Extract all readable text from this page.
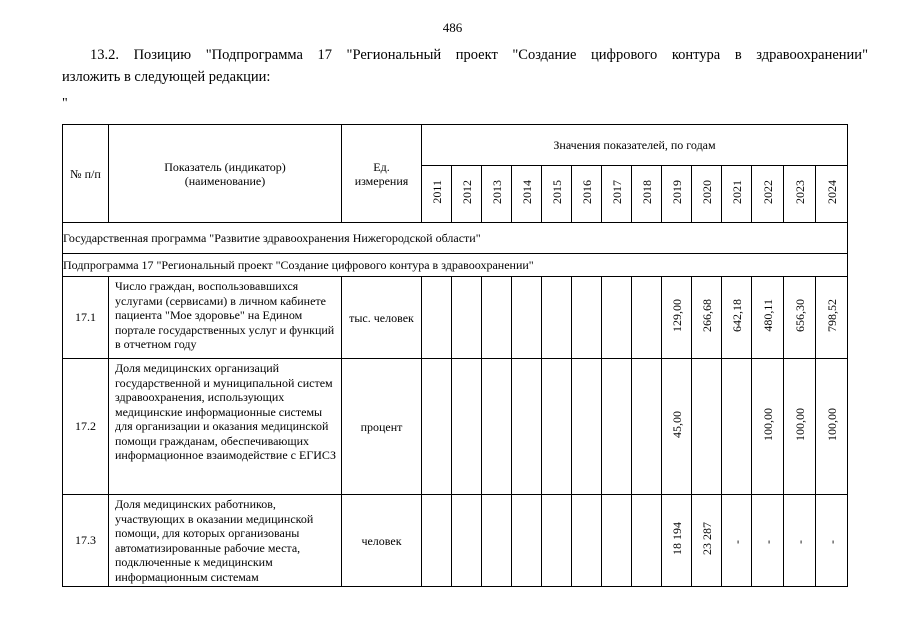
486

13.2. Позицию "Подпрограмма 17 "Региональный проект "Создание цифрового контура в здравоохранении"
изложить в следующей редакции:

"
№ п/п	Показатель (индикатор) (наименование)	Ед. измерения	Значения показателей, по годам													
			2011	2012	2013	2014	2015	2016	2017	2018	2019	2020	2021	2022	2023	2024
Государственная программа "Развитие здравоохранения Нижегородской области"																
Подпрограмма 17 "Региональный проект "Создание цифрового контура в здравоохранении"																
17.1	Число граждан, воспользовавшихся услугами (сервисами) в личном кабинете пациента "Мое здоровье" на Едином портале государственных услуг и функций в отчетном году	тыс. человек									129,00	266,68	642,18	480,11	656,30	798,52
17.2	Доля медицинских организаций государственной и муниципальной систем здравоохранения, использующих медицинские информационные системы для организации и оказания медицинской помощи гражданам, обеспечивающих информационное взаимодействие с ЕГИСЗ	процент									45,00			100,00	100,00	100,00
17.3	Доля медицинских работников, участвующих в оказании медицинской помощи, для которых организованы автоматизированные рабочие места, подключенные к медицинским информационным системам	человек									18 194	23 287	-	-	-	-
